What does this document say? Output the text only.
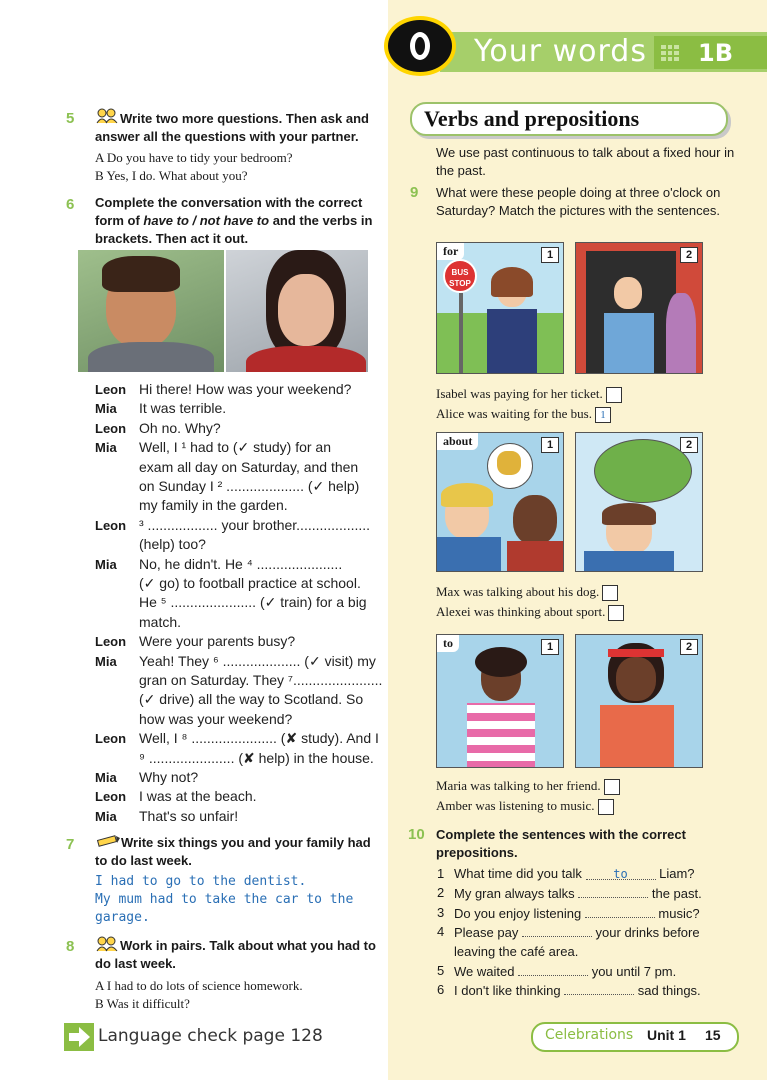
Your words 1B
5	Write two more questions. Then ask and answer all the questions with your partner.
A Do you have to tidy your bedroom?
B Yes, I do. What about you?
6 Complete the conversation with the correct
form of have to / not have to and the verbs in
brackets. Then act it out.
Leon Hi there! How was your weekend?
Mia It was terrible.
Leon Oh no. Why?
Mia Well, I ¹ had to (✓ study) for an
exam all day on Saturday, and then
on Sunday I ² .................... (✓ help)
my family in the garden.
Leon ³ .................. your brother...................
(help) too?
Mia No, he didn't. He ⁴ ......................
(✓ go) to football practice at school.
He ⁵ ...................... (✓ train) for a big
match.
Leon Were your parents busy?
Mia Yeah! They ⁶ .................... (✓ visit) my
gran on Saturday. They ⁷.......................
(✓ drive) all the way to Scotland. So
how was your weekend?
Leon Well, I ⁸ ...................... (✘ study). And I
⁹ ...................... (✘ help) in the house.
Mia Why not?
Leon I was at the beach.
Mia That's so unfair!
7	Write six things you and your family had to do last week.
I had to go to the dentist.
My mum had to take the car to the
garage.
8	Work in pairs. Talk about what you had to do last week.
A I had to do lots of science homework.
B Was it difficult?
Language check page 128
Verbs and prepositions
We use past continuous to talk about a fixed hour in the past.
9 What were these people doing at three o'clock on Saturday? Match the pictures with the sentences.
for	1
BUS STOP
2
Isabel was paying for her ticket.
Alice was waiting for the bus. 1
about	1	2
Max was talking about his dog.
Alexei was thinking about sport.
to	1	2
Maria was talking to her friend.
Amber was listening to music.
10 Complete the sentences with the correct prepositions.
1 What time did you talk to Liam?
2 My gran always talks	the past.
3 Do you enjoy listening	music?
4 Please pay	your drinks before
leaving the café area.
5 We waited	you until 7 pm.
6 I don't like thinking	sad things.
Celebrations Unit 1 15
